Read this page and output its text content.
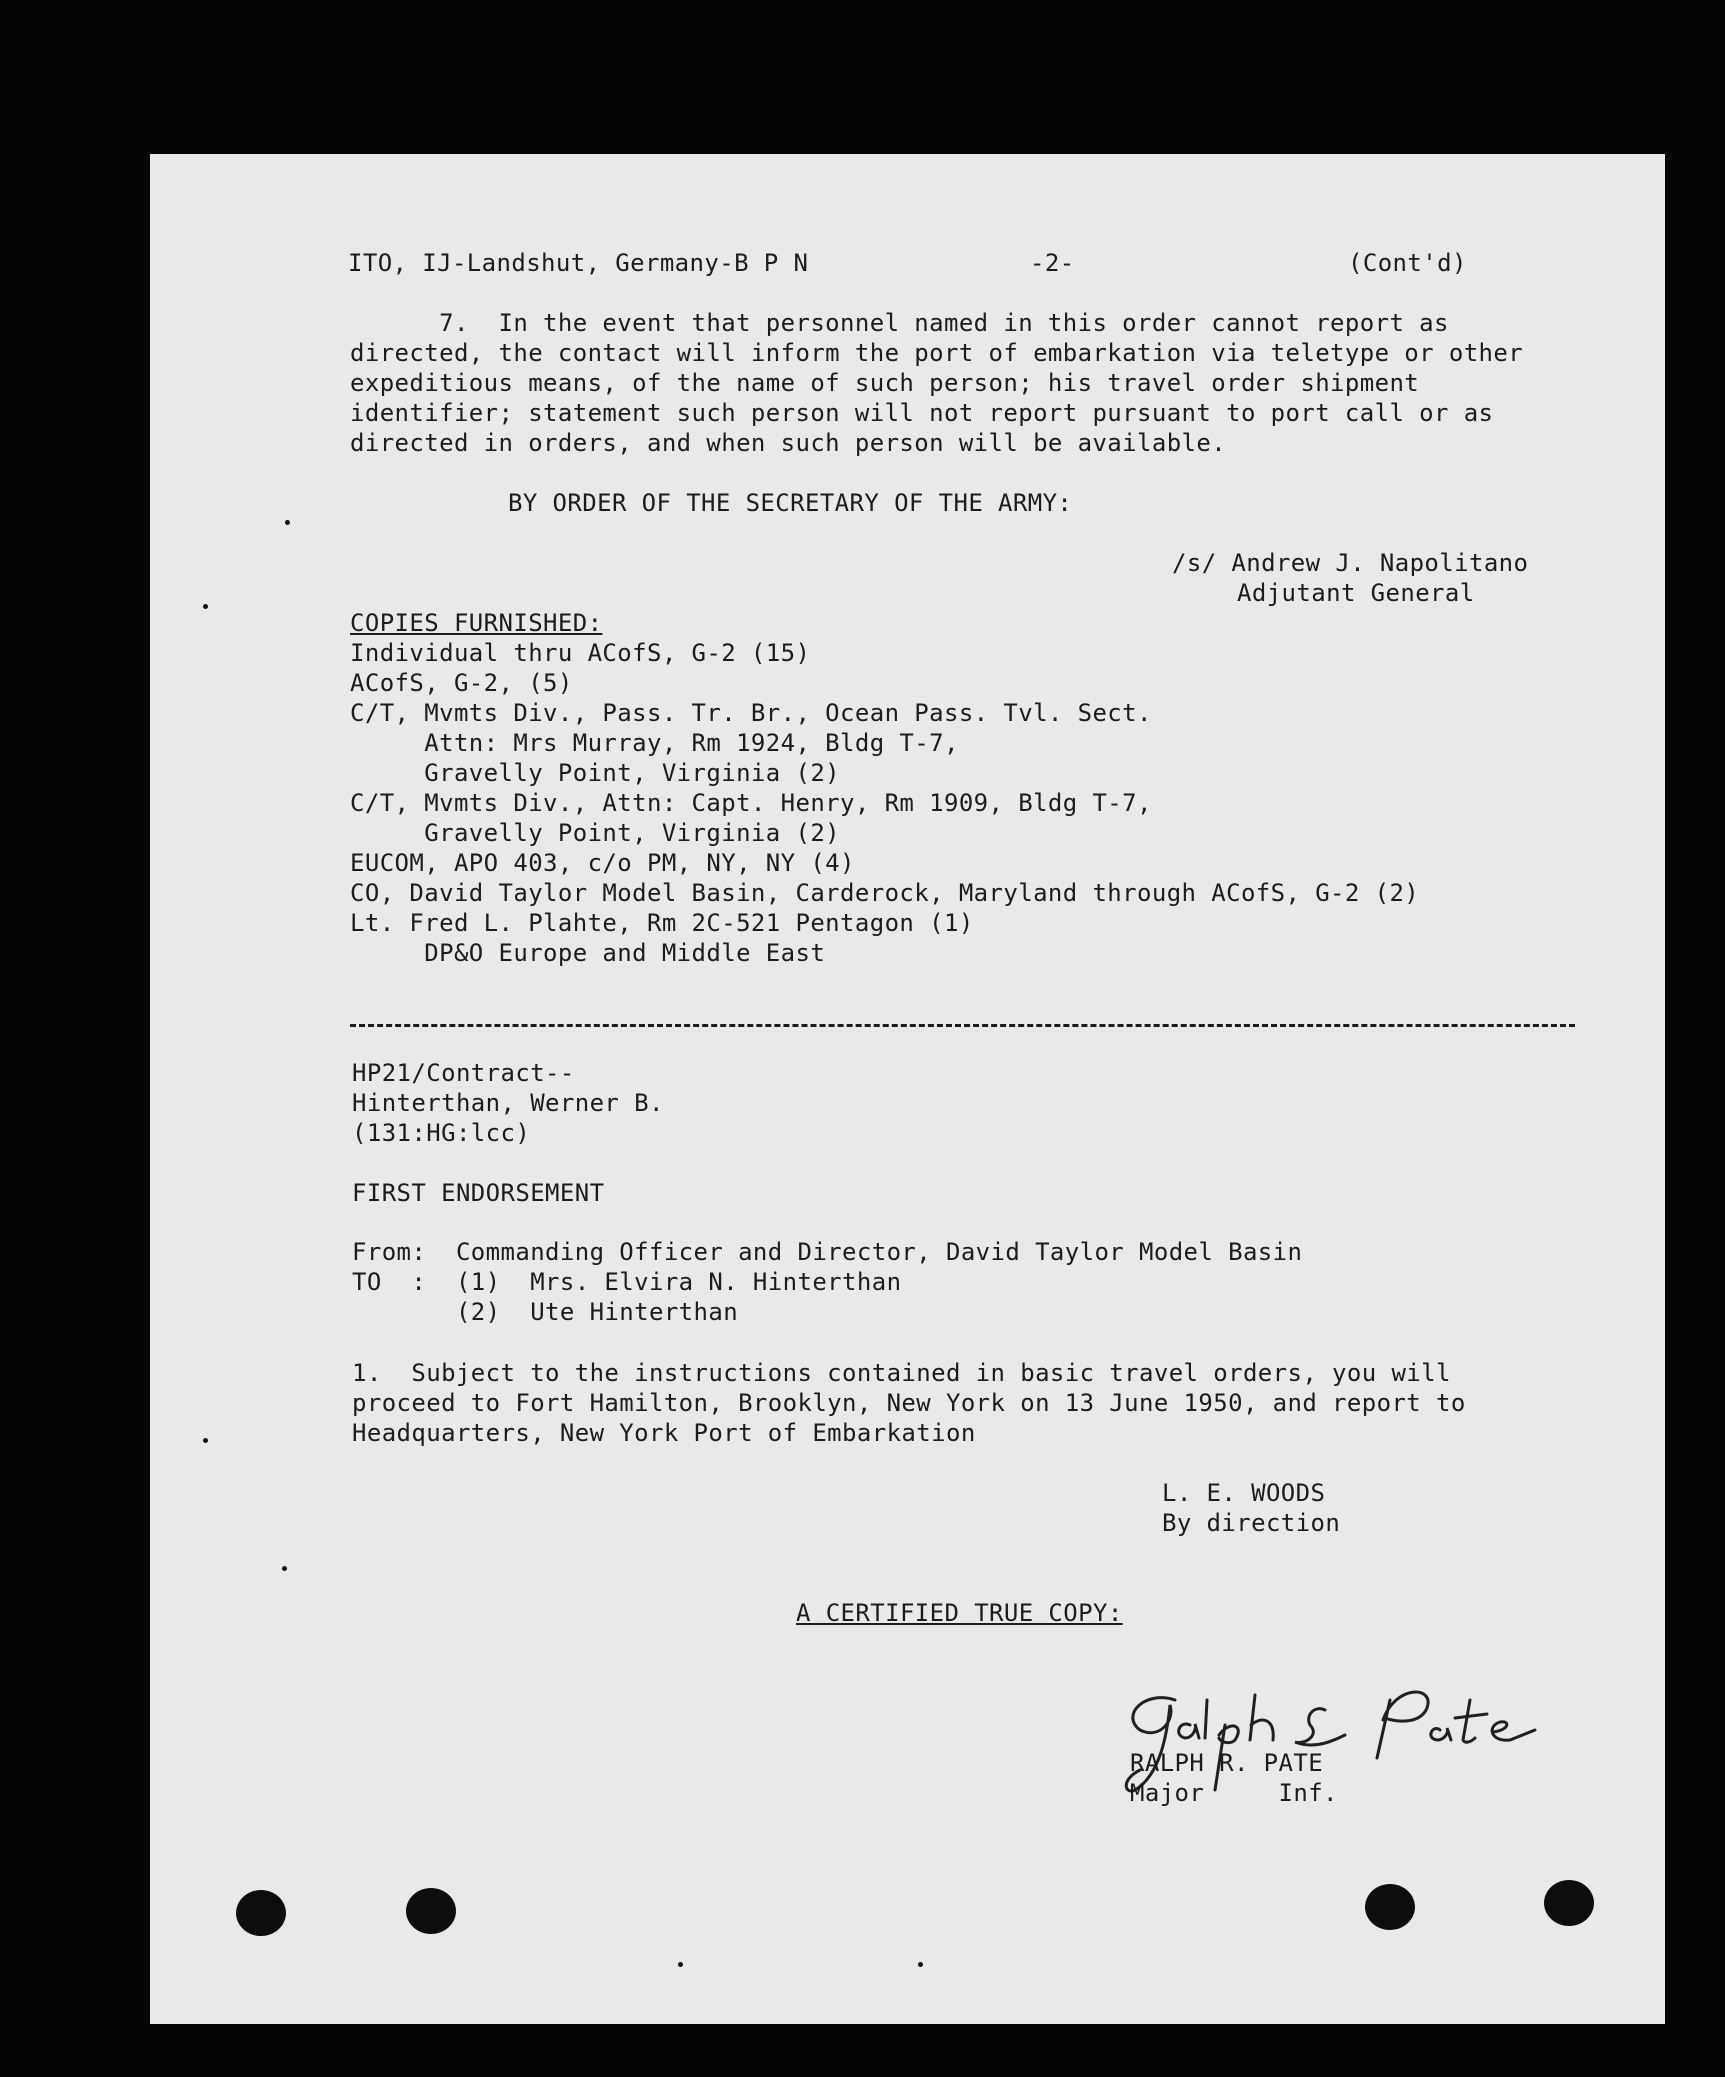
ITO, IJ-Landshut, Germany-B P N	-2-	(Cont'd)
7.  In the event that personnel named in this order cannot report as
directed, the contact will inform the port of embarkation via teletype or other
expeditious means, of the name of such person; his travel order shipment
identifier; statement such person will not report pursuant to port call or as
directed in orders, and when such person will be available.
BY ORDER OF THE SECRETARY OF THE ARMY:
/s/ Andrew J. Napolitano
Adjutant General
COPIES FURNISHED:
Individual thru ACofS, G-2 (15)
ACofS, G-2, (5)
C/T, Mvmts Div., Pass. Tr. Br., Ocean Pass. Tvl. Sect.
Attn: Mrs Murray, Rm 1924, Bldg T-7,
Gravelly Point, Virginia (2)
C/T, Mvmts Div., Attn: Capt. Henry, Rm 1909, Bldg T-7,
Gravelly Point, Virginia (2)
EUCOM, APO 403, c/o PM, NY, NY (4)
CO, David Taylor Model Basin, Carderock, Maryland through ACofS, G-2 (2)
Lt. Fred L. Plahte, Rm 2C-521 Pentagon (1)
DP&O Europe and Middle East
HP21/Contract--
Hinterthan, Werner B.
(131:HG:lcc)
FIRST ENDORSEMENT
From:  Commanding Officer and Director, David Taylor Model Basin
TO  :  (1)  Mrs. Elvira N. Hinterthan
(2)  Ute Hinterthan
1.  Subject to the instructions contained in basic travel orders, you will
proceed to Fort Hamilton, Brooklyn, New York on 13 June 1950, and report to
Headquarters, New York Port of Embarkation
L. E. WOODS
By direction
A CERTIFIED TRUE COPY:
RALPH R. PATE
Major     Inf.
